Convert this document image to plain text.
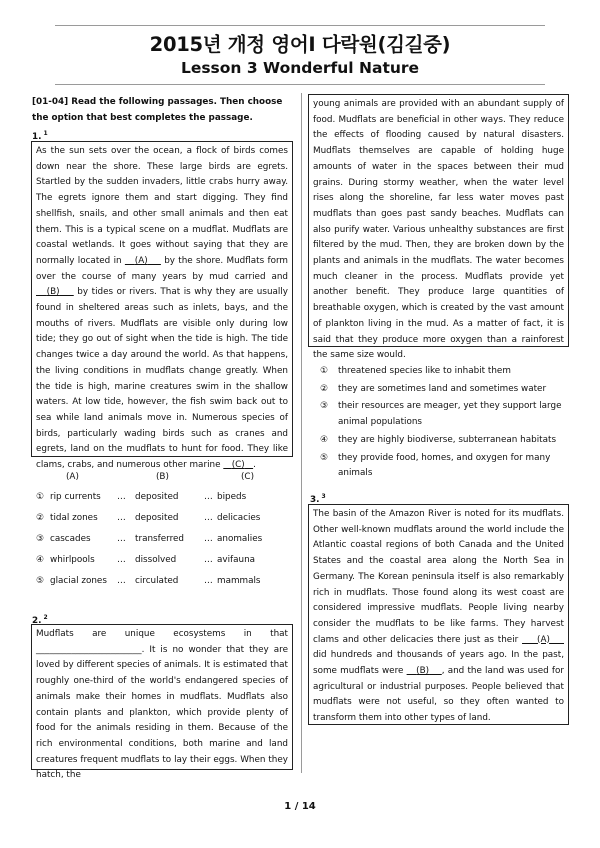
2015년 개정 영어Ⅰ 다락원(김길중)
Lesson 3 Wonderful Nature
[01-04] Read the following passages. Then choose the option that best completes the passage.
1. $^1$
As the sun sets over the ocean, a flock of birds comes down near the shore. These large birds are egrets. Startled by the sudden invaders, little crabs hurry away. The egrets ignore them and start digging. They find shellfish, snails, and other small animals and then eat them. This is a typical scene on a mudflat. Mudflats are coastal wetlands. It goes without saying that they are normally located in    (A)     by the shore. Mudflats form over the course of many years by mud carried and    (B)     by tides or rivers. That is why they are usually found in sheltered areas such as inlets, bays, and the mouths of rivers. Mudflats are visible only during low tide; they go out of sight when the tide is high. The tide changes twice a day around the world. As that happens, the living conditions in mudflats change greatly. When the tide is high, marine creatures swim in the shallow waters. At low tide, however, the fish swim back out to sea while land animals move in. Numerous species of birds, particularly wading birds such as cranes and egrets, land on the mudflats to hunt for food. They like clams, crabs, and numerous other marine    (C) .
(A)	(B)	(C)
① rip currents … deposited	… bipeds
② tidal zones … deposited	… delicacies
③ cascades	… transferred … anomalies
④ whirlpools	… dissolved	… avifauna
⑤ glacial zones … circulated	… mammals
2. $^2$
Mudflats are unique ecosystems in that ________________________. It is no wonder that they are loved by different species of animals. It is estimated that roughly one-third of the world's endangered species of animals make their homes in mudflats. Mudflats also contain plants and plankton, which provide plenty of food for the animals residing in them. Because of the rich environmental conditions, both marine and land creatures frequent mudflats to lay their eggs. When they hatch, the
young animals are provided with an abundant supply of food. Mudflats are beneficial in other ways. They reduce the effects of flooding caused by natural disasters. Mudflats themselves are capable of holding huge amounts of water in the spaces between their mud grains. During stormy weather, when the water level rises along the shoreline, far less water moves past mudflats than goes past sandy beaches. Mudflats can also purify water. Various unhealthy substances are first filtered by the mud. Then, they are broken down by the plants and animals in the mudflats. The water becomes much cleaner in the process. Mudflats provide yet another benefit. They produce large quantities of breathable oxygen, which is created by the vast amount of plankton living in the mud. As a matter of fact, it is said that they produce more oxygen than a rainforest the same size would.
①	threatened species like to inhabit them
②	they are sometimes land and sometimes water
③	their resources are meager, yet they support large animal populations
④	they are highly biodiverse, subterranean habitats
⑤	they provide food, homes, and oxygen for many animals
3. $^3$
The basin of the Amazon River is noted for its mudflats. Other well-known mudflats around the world include the Atlantic coastal regions of both Canada and the United States and the coastal area along the North Sea in Germany. The Korean peninsula itself is also remarkably rich in mudflats. Those found along its west coast are considered impressive mudflats. People living nearby consider the mudflats to be like farms. They harvest clams and other delicacies there just as their     (A)     did hundreds and thousands of years ago. In the past, some mudflats were    (B) , and the land was used for agricultural or industrial purposes. People believed that mudflats were not useful, so they often wanted to transform them into other types of land.
1 / 14
